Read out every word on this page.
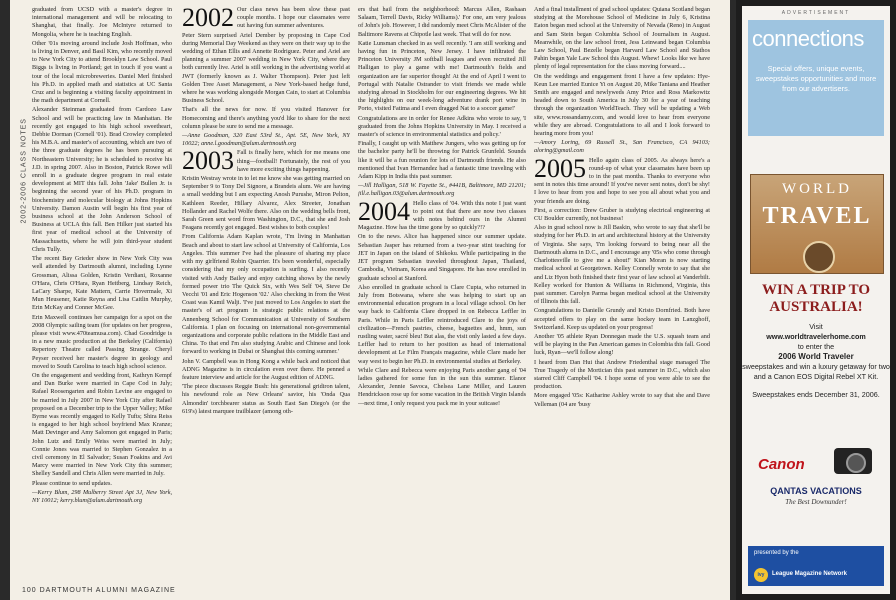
2002-2006 CLASS NOTES

graduated from UCSD with a master's degree in international management and will be relocating to Shanghai, that finally. Joe McIntyre returned to Mongolia, where he is teaching English.

Other '01s moving around include Josh Hoffman, who is living in Denver, and Basil Kim, who recently moved to New York City to attend Brooklyn Law School. Paul Biggs is living in Portland; get in touch if you want a tour of the local microbreweries. Daniel Merl finished his Ph.D. in applied math and statistics at UC Santa Cruz and is beginning a visiting faculty appointment in the math department at Cornell.

Alexander Steinman graduated from Cardozo Law School and will be practicing law in Manhattan. He recently got engaged to his high school sweetheart, Debbie Dorman (Cornell '01). Brad Crowley completed his M.B.A. and master's of accounting, which are two of the three graduate degrees he has been pursuing at Northeastern University; he is scheduled to receive his J.D. in spring 2007. Also in Boston, Patrick Rowe will enroll in a graduate degree program in real estate development at MIT this fall. John 'Jake' Bullen Jr. is beginning the second year of his Ph.D. program in biochemistry and molecular biology at Johns Hopkins University. Damon Austin will begin his first year of business school at the John Anderson School of Business at UCLA this fall. Ben Hilker just started his first year of medical school at the University of Massachusetts, where he will join third-year student Chris Tully.

The recent Bay Grieder show in New York City was well attended by Dartmouth alumni, including Lynne Grossman, Alissa Golden, Kristin Verdiani, Roxanne O'Hara, Chris O'Hara, Ryan Heitberg, Lindsay Reich, LaCary Sharpe, Kate Mattern, Carrie Hovermale, Xi Mun Heusener, Katie Reyna and Lisa Caitlin Murphy, Erin McKay and Conner McGee.

Erin Maxwell continues her campaign for a spot on the 2008 Olympic sailing team (for updates on her progress, please visit www.470teamusa.com). Chad Goodridge is in a new music production at the Berkeley (California) Repertory Theatre called Passing Strange. Cheryl Peyser received her master's degree in geology and moved to South Carolina to teach high school science.

On the engagement and wedding front, Kathryn Kempf and Dan Burke were married in Cape Cod in July; Rafael Roosengarten and Robin Levine are engaged to be married in July 2007 in New York City after Rafael proposed on a December trip to the Upper Valley; Mike Byrne was recently engaged to Kelly Tufts; Shira Reiss is engaged to her high school boyfriend Max Kranze; Matt Devinger and Amy Salomon got engaged in Paris; John Lutz and Emily Weiss were married in July; Connie Jones was married to Stephen Gonzalez in a civil ceremony in El Salvador; Susan Foakins and Avi Marcy were married in New York City this summer; Shelley Sandell and Chris Allen were married in July.

Please continue to send updates.

—Kerry Blum, 298 Mulberry Street Apt 3J, New York, NY 10012; kerry.blum@alum.dartmouth.org

2002 Our class news has been slow these past couple months. I hope our classmates were out having fun summer adventures.

Peter Stern surprised Ariel Dember by proposing in Cape Cod during Memorial Day Weekend as they were on their way up to the wedding of Ethan Ellis and Annette Rodriguez. Peter and Ariel are planning a summer 2007 wedding in New York City, where they both currently live. Ariel is still working in the advertising world at JWT (formerly known as J. Walter Thompson). Peter just left Golden Tree Asset Management, a New York-based hedge fund, where he was working alongside Morgan Cain, to start at Columbia Business School.

That's all the news for now. If you visited Hanover for Homecoming and there's anything you'd like to share for the next column please be sure to send me a message.

—Anne Goodman, 320 East 53rd St., Apt. 5E, New York, NY 10022; anne.l.goodman@alum.dartmouth.org

2003 Fall is finally here, which for me means one thing—football! Fortunately, the rest of you have more exciting things happening.

Kristin Westray wrote in to let me know she was getting married on September 9 to Tony Del Signore, a Brandeis alum. We are having a small wedding but I am expecting Anosh Purushe, Miron Pelton, Kathleen Reeder, Hillary Alvarez, Alex Streeter, Jonathan Hollander and Rachel Wolfe there. Also on the wedding bells front, Sarah Green sent word from Washington, D.C., that she and Josh Feagans recently got engaged. Best wishes to both couples!

From California Adam Kaplan wrote, 'I'm living in Manhattan Beach and about to start law school at University of California, Los Angeles. This summer I've had the pleasure of sharing my place with my girlfriend Robin Quarrier. It's been wonderful, especially considering that my only occupation is surfing. I also recently visited with Andy Bailey and enjoy catching shows by the newly formed power trio The Quick Six, with Wes Self '04, Steve De Vecchi '01 and Eric Hogenson '02.' Also checking in from the West Coast was Kamil Walji. 'I've just moved to Los Angeles to start the master's of art program in strategic public relations at the Annenberg School for Communication at University of Southern California. I plan on focusing on international non-governmental organizations and corporate public relations in the Middle East and China. To that end I'm also studying Arabic and Chinese and look forward to working in Dubai or Shanghai this coming summer.'

John V. Campbell was in Hong Kong a while back and noticed that ADNG Magazine is in circulation even over there. He penned a feature interview and article for the August edition of ADNG.

'The piece discusses Reggie Bush: his generational gridiron talent, his newfound role as New Orleans' savior, his 'Onda Qua Almondin' torchbearer status as South East San Diego's (or the 619's) latest marquee trailblazer (among oth-

ers that hail from the neighborhood: Marcus Allen, Rashaan Salaam, Terrell Davis, Ricky Williams).' For one, am very jealous of John's job. However, I did randomly meet Chris McAlister of the Baltimore Ravens at Chipotle last week. That will do for now.

Katie Lunsman checked in as well recently. 'I am still working and having fun in Princeton, New Jersey. I have infiltrated the Princeton University JM softball leagues and even recruited Jill Halligan to play a game with me! Dartmouth's fields and organization are far superior though! At the end of April I went to Portugal with Natalie Ostrander to visit friends we made while studying abroad in Stockholm for our engineering degrees. We hit the highlights on our week-long adventure drank port wine in Porto, visited Fatima and I even dragged Nat to a soccer game!'

Congratulations are in order for Renee Adkins who wrote to say, 'I graduated from the Johns Hopkins University in May. I received a master's of science in environmental statistics and policy.'

Finally, I caught up with Matthew Jungers, who was getting up for the bachelor party he'll be throwing for Patrick Grunfeld. Sounds like it will be a fun reunion for lots of Dartmouth friends. He also mentioned that Ivan Hernandez had a fantastic time traveling with Adam Kipp in India this past summer.

—Jill Halligan, 518 W. Fayette St., #441B, Baltimore, MD 21201; jill.e.halligan.03@alum.dartmouth.org

2004 Hello class of '04. With this note I just want to point out that there are now two classes with notes behind ours in the Alumni Magazine. How has the time gone by so quickly?!?

On to the news. Alice has happened since our summer update. Sebastian Jasper has returned from a two-year stint teaching for JET in Japan on the island of Shikoku. While participating in the JET program Sebastian traveled throughout Japan, Thailand, Cambodia, Vietnam, Korea and Singapore. He has now enrolled in graduate school at Stanford.

Also enrolled in graduate school is Clare Cupta, who returned in July from Botswana, where she was helping to start up an environmental education program in a local village school. On her way back to California Clare dropped in on Rebecca Leffler in Paris. While in Paris Leffler reintroduced Clare to the joys of civilization—French pastries, cheese, baguettes and, hmm, sun rustling water, sacré bleu! But alas, the visit only lasted a few days. Leffler had to return to her position as head of international development at Le Film Français magazine, while Clare made her way west to begin her Ph.D. in environmental studies at Berkeley.

While Clare and Rebecca were enjoying Paris another gang of '04 ladies gathered for some fun in the sun this summer. Elanor Alexander, Jennie Savoca, Chelsea Lane Miller, and Lauren Hendrickson rose up for some vacation in the British Virgin Islands—next time, I only request you pack me in your suitcase!

And a final installment of grad school updates: Quiana Scotland began studying at the Morehouse School of Medicine in July 6, Kristina Eaton began med school at the University of Nevada (Reno) in August and Sam Stein began Columbia School of Journalism in August. Meanwhile, on the law school front, Jess Leinwand began Columbia Law School, Paul Bezelle began Harvard Law School and Stathos Pahin began Yale Law School this August. Whew! Looks like we have plenty of legal representation for the class moving forward....

On the weddings and engagement front I have a few updates: Hye-Keun Lee married Eunice Yi on August 20, Mike Taniana and Heather Smith are engaged and newlyweds Amy Price and Ross Markowitz headed down to South America in July 30 for a year of teaching through the organization WorldTeach. They will be updating a Web site, www.rossandamy.com, and would love to hear from everyone while they are abroad. Congratulations to all and I look forward to hearing more from you!

—Amory Loring, 69 Russell St., San Francisco, CA 94103; aloring@gmail.com

2005 Hello again class of 2005. As always here's a round-up of what your classmates have been up to in the past months. Thanks to everyone who sent in notes this time around! If you've never sent notes, don't be shy! I love to hear from you and hope to see you all about what you and your friends are doing.

First, a correction: Drew Gruber is studying electrical engineering at CU Boulder currently, not business!

Also in grad school now is Jill Baskin, who wrote to say that she'll be studying for her Ph.D. in art and architectural history at the University of Virginia. She says, 'I'm looking forward to being near all the Dartmouth alums in D.C., and I encourage any '05s who come through Charlottesville to give me a shout!' Kian Moran is now starting medical school at Georgetown. Kelley Connelly wrote to say that she and Liz Hyon both finished their first year of law school at Vanderbilt. Kelley worked for Hunton & Williams in Richmond, Virginia, this past summer. Carolyn Parma began medical school at the University of Illinois this fall.

Congratulations to Danielle Grundy and Kristo Dornfried. Both have accepted offers to play on the same hockey team in Lanzghoff, Switzerland. Keep us updated on your progress!

Another '05 athlete Ryan Donnegan made the U.S. squash team and will be playing in the Pan American games in Colombia this fall. Good luck, Ryan—we'll follow along!

I heard from Dan Hui that Andrew Friedenthal stage managed The True Tragedy of the Mortician this past summer in D.C., which also starred Cliff Campbell '04. I hope some of you were able to see the production.

More engaged '05s: Katharine Ashley wrote to say that she and Dave Velleman (04 are 'busy

100 DARTMOUTH ALUMNI MAGAZINE
ADVERTISEMENT
connections
Special offers, unique events, sweepstakes opportunities and more from our advertisers.
WORLD
TRAVEL
WIN A TRIP TO AUSTRALIA!
Visit
www.worldtravelerhome.com
to enter the
2006 World Traveler
sweepstakes and win a luxury getaway for two and a Canon EOS Digital Rebel XT Kit.
Sweepstakes ends December 31, 2006.
Canon
QANTAS VACATIONS
The Best Downunder!
presented by the
ivy	League Magazine Network
